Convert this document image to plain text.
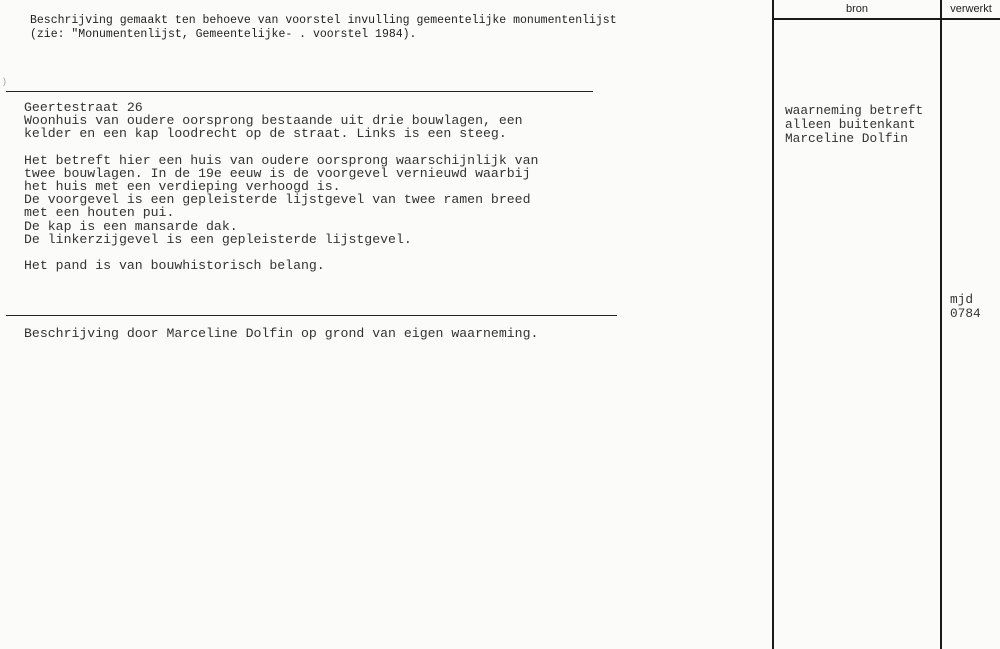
Beschrijving gemaakt ten behoeve van voorstel invulling gemeentelijke monumentenlijst
(zie: "Monumentenlijst, Gemeentelijke- . voorstel 1984).
)
Geertestraat 26
Woonhuis van oudere oorsprong bestaande uit drie bouwlagen, een
kelder en een kap loodrecht op de straat. Links is een steeg.
Het betreft hier een huis van oudere oorsprong waarschijnlijk van
twee bouwlagen. In de 19e eeuw is de voorgevel vernieuwd waarbij
het huis met een verdieping verhoogd is.
De voorgevel is een gepleisterde lijstgevel van twee ramen breed
met een houten pui.
De kap is een mansarde dak.
De linkerzijgevel is een gepleisterde lijstgevel.
Het pand is van bouwhistorisch belang.
Beschrijving door Marceline Dolfin op grond van eigen waarneming.
bron	verwerkt
waarneming betreft
alleen buitenkant
Marceline Dolfin
mjd
0784
